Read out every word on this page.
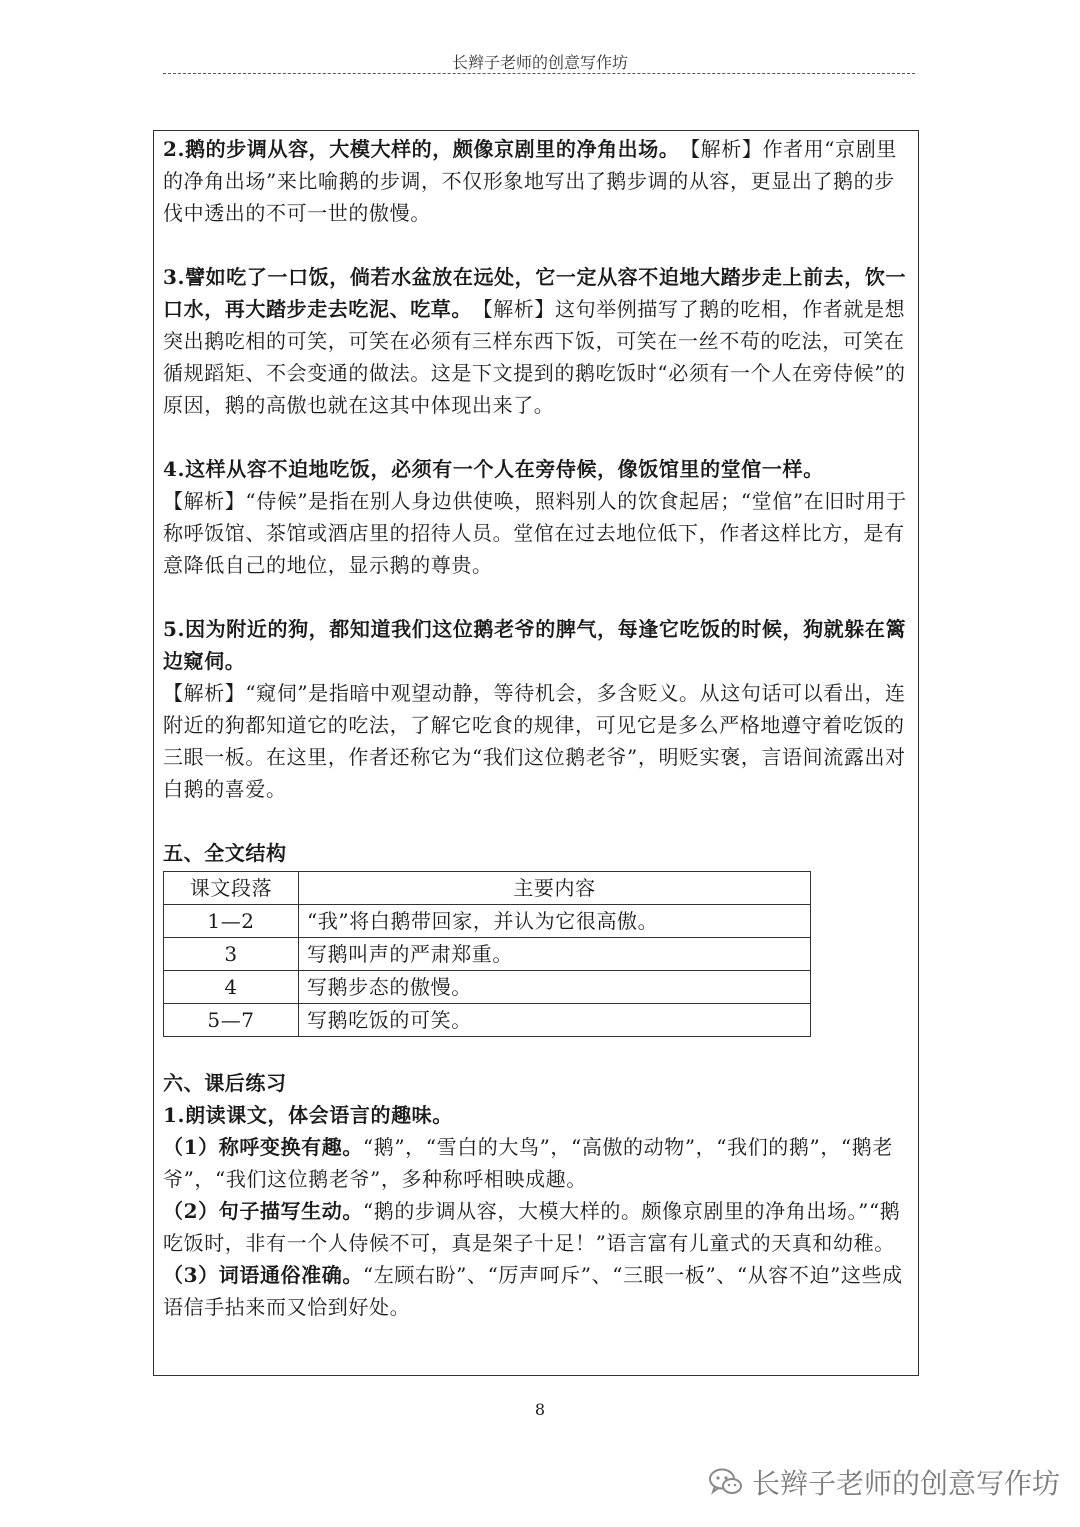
长辫子老师的创意写作坊

2.鹅的步调从容，大模大样的，颇像京剧里的净角出场。　【解析】作者用“京剧里的净角出场”来比喻鹅的步调，不仅形象地写出了鹅步调的从容，更显出了鹅的步伐中透出的不可一世的傲慢。

3.譬如吃了一口饭，倘若水盆放在远处，它一定从容不迫地大踏步走上前去，饮一口水，再大踏步走去吃泥、吃草。　【解析】这句举例描写了鹅的吃相，作者就是想突出鹅吃相的可笑，可笑在必须有三样东西下饭，可笑在一丝不苟的吃法，可笑在循规蹈矩、不会变通的做法。这是下文提到的鹅吃饭时“必须有一个人在旁侍候”的原因，鹅的高傲也就在这其中体现出来了。

4.这样从容不迫地吃饭，必须有一个人在旁侍候，像饭馆里的堂倌一样。

【解析】“侍候”是指在别人身边供使唤，照料别人的饮食起居；“堂倌”在旧时用于称呼饭馆、茶馆或酒店里的招待人员。堂倌在过去地位低下，作者这样比方，是有意降低自己的地位，显示鹅的尊贵。

5.因为附近的狗，都知道我们这位鹅老爷的脾气，每逢它吃饭的时候，狗就躲在篱边窥伺。

【解析】“窥伺”是指暗中观望动静，等待机会，多含贬义。从这句话可以看出，连附近的狗都知道它的吃法，了解它吃食的规律，可见它是多么严格地遵守着吃饭的三眼一板。在这里，作者还称它为“我们这位鹅老爷”，明贬实褒，言语间流露出对白鹅的喜爱。

五、全文结构

课文段落	主要内容
1—2	“我”将白鹅带回家，并认为它很高傲。
3	写鹅叫声的严肃郑重。
4	写鹅步态的傲慢。
5—7	写鹅吃饭的可笑。

六、课后练习

1.朗读课文，体会语言的趣味。

（1）称呼变换有趣。“鹅”，“雪白的大鸟”，“高傲的动物”，“我们的鹅”，“鹅老爷”，“我们这位鹅老爷”，多种称呼相映成趣。

（2）句子描写生动。“鹅的步调从容，大模大样的。颇像京剧里的净角出场。”“鹅吃饭时，非有一个人侍候不可，真是架子十足！”语言富有儿童式的天真和幼稚。

（3）词语通俗准确。“左顾右盼”、“厉声呵斥”、“三眼一板”、“从容不迫”这些成语信手拈来而又恰到好处。

8
长辫子老师的创意写作坊
